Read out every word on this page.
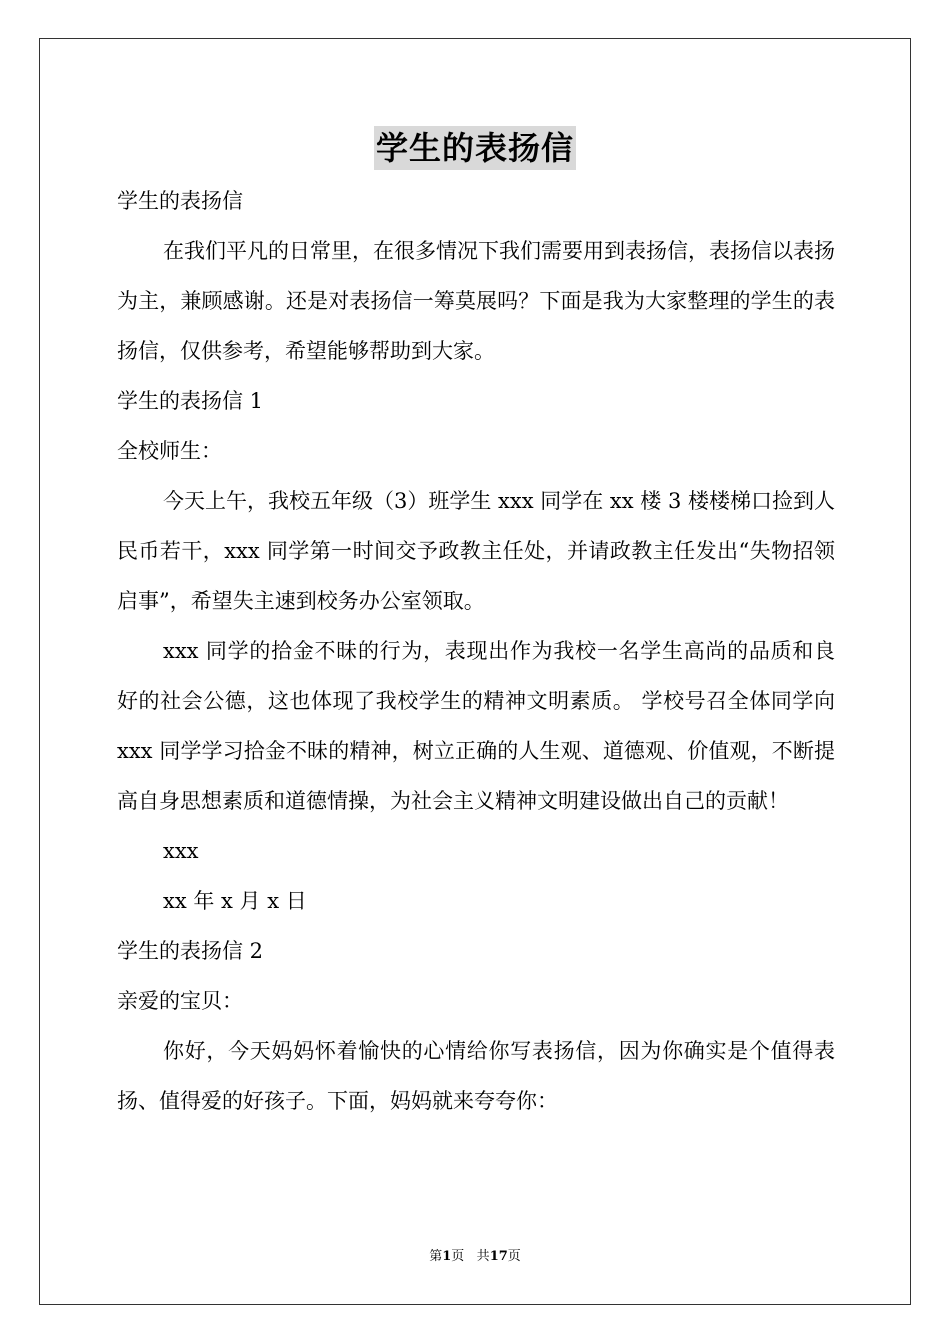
学生的表扬信

学生的表扬信

在我们平凡的日常里，在很多情况下我们需要用到表扬信，表扬信以表扬为主，兼顾感谢。还是对表扬信一筹莫展吗？下面是我为大家整理的学生的表扬信，仅供参考，希望能够帮助到大家。

学生的表扬信 1

全校师生：

今天上午，我校五年级（3）班学生 xxx 同学在 xx 楼 3 楼楼梯口捡到人民币若干，xxx 同学第一时间交予政教主任处，并请政教主任发出“失物招领启事”，希望失主速到校务办公室领取。

xxx 同学的拾金不昧的行为，表现出作为我校一名学生高尚的品质和良好的社会公德，这也体现了我校学生的精神文明素质。 学校号召全体同学向 xxx 同学学习拾金不昧的精神，树立正确的人生观、道德观、价值观，不断提高自身思想素质和道德情操，为社会主义精神文明建设做出自己的贡献！

xxx

xx 年 x 月 x 日

学生的表扬信 2

亲爱的宝贝：

你好，今天妈妈怀着愉快的心情给你写表扬信，因为你确实是个值得表扬、值得爱的好孩子。下面，妈妈就来夸夸你：

第1页 共17页
